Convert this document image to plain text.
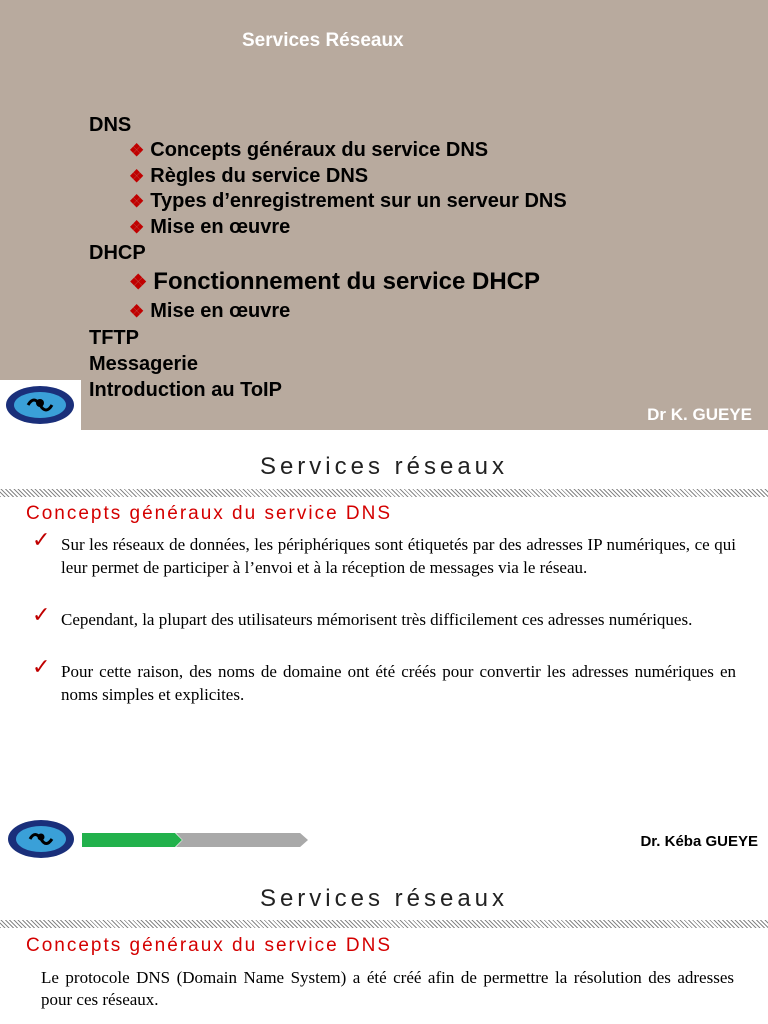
Services Réseaux
DNS
❖ Concepts généraux du service DNS
❖ Règles du service DNS
❖ Types d’enregistrement sur un serveur DNS
❖ Mise en œuvre
DHCP
❖ Fonctionnement du service DHCP
❖ Mise en œuvre
TFTP
Messagerie
Introduction au ToIP
Dr K. GUEYE
Services réseaux
Concepts généraux du service DNS
✓ Sur les réseaux de données, les périphériques sont étiquetés par des adresses IP numériques, ce qui leur permet de participer à l’envoi et à la réception de messages via le réseau.
✓ Cependant, la plupart des utilisateurs mémorisent très difficilement ces adresses numériques.
✓ Pour cette raison, des noms de domaine ont été créés pour convertir les adresses numériques en noms simples et explicites.
Dr. Kéba GUEYE
Services réseaux
Concepts généraux du service DNS
Le protocole DNS (Domain Name System) a été créé afin de permettre la résolution des adresses pour ces réseaux.
